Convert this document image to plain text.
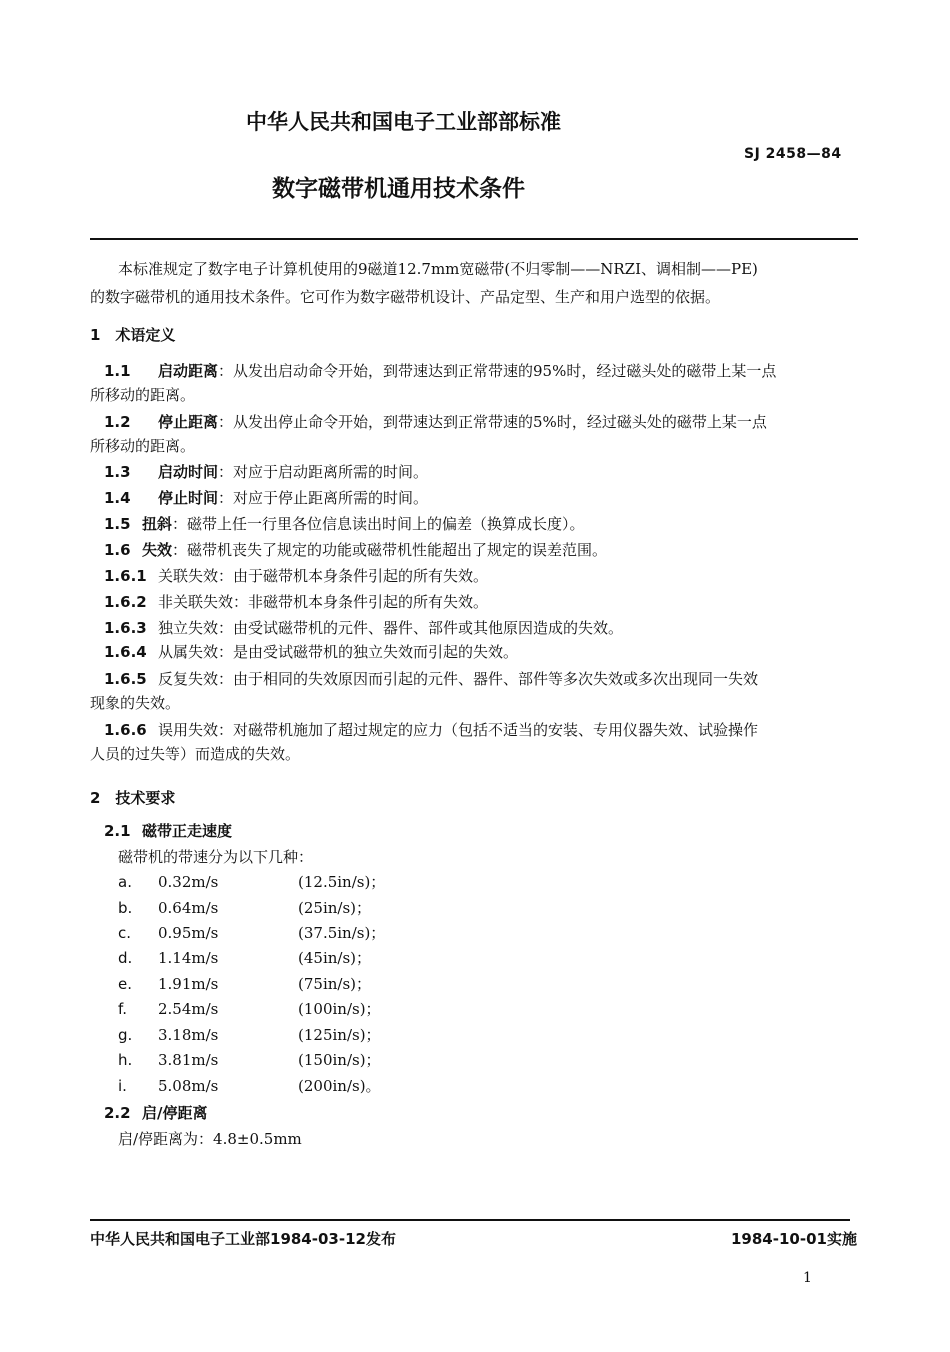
中华人民共和国电子工业部部标准
SJ 2458—84
数字磁带机通用技术条件
本标准规定了数字电子计算机使用的9磁道12.7mm宽磁带(不归零制——NRZI、调相制——PE)
的数字磁带机的通用技术条件。它可作为数字磁带机设计、产品定型、生产和用户选型的依据。
1　术语定义
1.1 启动距离：从发出启动命令开始，到带速达到正常带速的95%时，经过磁头处的磁带上某一点
所移动的距离。
1.2 停止距离：从发出停止命令开始，到带速达到正常带速的5%时，经过磁头处的磁带上某一点
所移动的距离。
1.3 启动时间：对应于启动距离所需的时间。
1.4 停止时间：对应于停止距离所需的时间。
1.5 扭斜：磁带上任一行里各位信息读出时间上的偏差（换算成长度）。
1.6 失效：磁带机丧失了规定的功能或磁带机性能超出了规定的误差范围。
1.6.1 关联失效：由于磁带机本身条件引起的所有失效。
1.6.2 非关联失效：非磁带机本身条件引起的所有失效。
1.6.3 独立失效：由受试磁带机的元件、器件、部件或其他原因造成的失效。
1.6.4 从属失效：是由受试磁带机的独立失效而引起的失效。
1.6.5 反复失效：由于相同的失效原因而引起的元件、器件、部件等多次失效或多次出现同一失效
现象的失效。
1.6.6 误用失效：对磁带机施加了超过规定的应力（包括不适当的安装、专用仪器失效、试验操作
人员的过失等）而造成的失效。
2　技术要求
2.1 磁带正走速度
磁带机的带速分为以下几种：
a. 0.32m/s	(12.5in/s)；
b. 0.64m/s	(25in/s)；
c. 0.95m/s	(37.5in/s)；
d. 1.14m/s	(45in/s)；
e. 1.91m/s	(75in/s)；
f. 2.54m/s	(100in/s)；
g. 3.18m/s	(125in/s)；
h. 3.81m/s	(150in/s)；
i. 5.08m/s	(200in/s)。
2.2 启/停距离
启/停距离为：4.8±0.5mm
中华人民共和国电子工业部1984-03-12发布	1984-10-01实施
1
